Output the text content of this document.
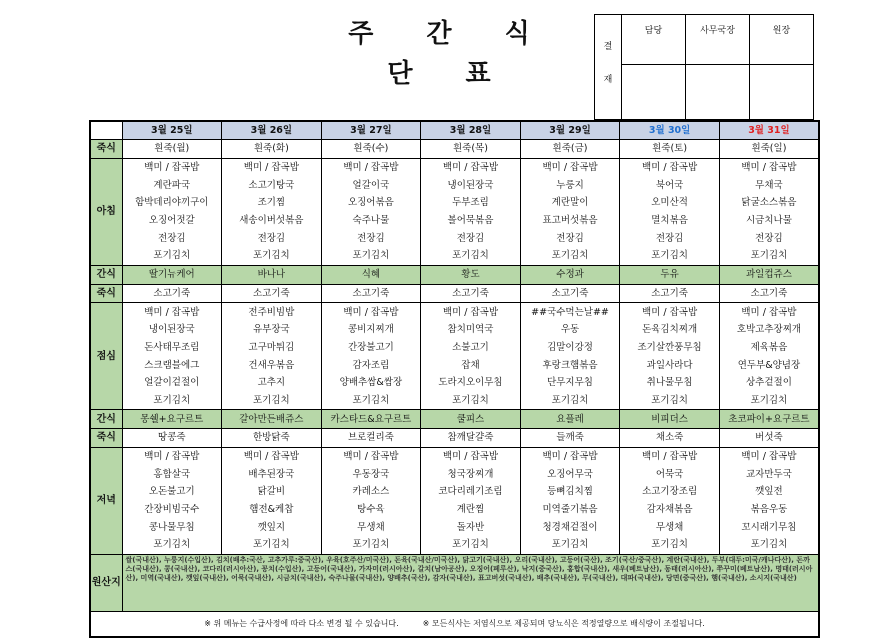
주 간 식 단 표
결
재	담당	사무국장	원장

	3월 25일	3월 26일	3월 27일	3월 28일	3월 29일	3월 30일	3월 31일
죽식	흰죽(월)	흰죽(화)	흰죽(수)	흰죽(목)	흰죽(금)	흰죽(토)	흰죽(일)
아침	백미 / 잡곡밥	백미 / 잡곡밥	백미 / 잡곡밥	백미 / 잡곡밥	백미 / 잡곡밥	백미 / 잡곡밥	백미 / 잡곡밥
	계란파국	소고기탕국	얼갈이국	냉이된장국	누룽지	북어국	무채국
	함박데리야끼구이	조기찜	오징어볶음	두부조림	계란말이	오미산적	닭굴소스볶음
	오징어젓갈	새송이버섯볶음	숙주나물	볼어묵볶음	표고버섯볶음	멸치볶음	시금치나물
	전장김	전장김	전장김	전장김	전장김	전장김	전장김
	포기김치	포기김치	포기김치	포기김치	포기김치	포기김치	포기김치
간식	딸기뉴케어	바나나	식혜	황도	수정과	두유	과일컵쥬스
죽식	소고기죽	소고기죽	소고기죽	소고기죽	소고기죽	소고기죽	소고기죽
점심	백미 / 잡곡밥	전주비빔밥	백미 / 잡곡밥	백미 / 잡곡밥	##국수먹는날##	백미 / 잡곡밥	백미 / 잡곡밥
	냉이된장국	유부장국	콩비지찌개	참치미역국	우동	돈육김치찌개	호박고추장찌개
	돈사태무조림	고구마튀김	간장불고기	소불고기	김말이강정	조기살깐풍무침	제육볶음
	스크램블에그	건새우볶음	감자조림	잡채	후랑크햄볶음	과일사라다	연두부&양념장
	얼갈이겉절이	고추지	양배추쌈&쌈장	도라지오이무침	단무지무침	취나물무침	상추겉절이
	포기김치	포기김치	포기김치	포기김치	포기김치	포기김치	포기김치
간식	몽쉘+요구르트	갈아만든배쥬스	카스타드&요구르트	쿨피스	요플레	비피더스	초코파이+요구르트
죽식	땅콩죽	한방닭죽	브로컬리죽	참깨달걀죽	들깨죽	채소죽	버섯죽
저녁	백미 / 잡곡밥	백미 / 잡곡밥	백미 / 잡곡밥	백미 / 잡곡밥	백미 / 잡곡밥	백미 / 잡곡밥	백미 / 잡곡밥
	홍합살국	배추된장국	우동장국	청국장찌개	오징어무국	어묵국	교자만두국
	오돈불고기	닭갈비	카레소스	코다리레기조림	등뼈김치찜	소고기장조림	깻잎전
	간장비빔국수	햄전&케찹	탕수육	계란찜	미역줄기볶음	감자채볶음	볶음우동
	콩나물무침	깻잎지	무생채	돌자반	청경채겉절이	무생채	꼬시래기무침
	포기김치	포기김치	포기김치	포기김치	포기김치	포기김치	포기김치
원산지	쌀(국내산), 누룽지(수입산), 김치(배추:국산, 고추가루:중국산), 우육(호주산/미국산), 돈육(국내산/미국산), 닭고기(국내산), 오리(국내산), 고등어(국산), 조기(국산/중국산), 계란(국내산), 두부(대두:미국/캐나다산), 돈까스(국내산), 콩(국내산), 코다리(러시아산), 꽁치(수입산), 고등어(국내산), 가자미(러시아산), 갈치(남아공산), 오징어(페루산), 낙지(중국산), 홍합(국내산), 새우(베트남산), 동태(러시아산), 쭈꾸미(베트남산), 명태(러시아산), 미역(국내산), 깻잎(국내산), 어묵(국내산), 시금치(국내산), 숙주나물(국내산), 양배추(국산), 감자(국내산), 표고버섯(국내산), 배추(국내산), 무(국내산), 대파(국내산), 당면(중국산), 햄(국내산), 소시지(국내산)						
※ 위 메뉴는 수급사정에 따라 다소 변경 될 수 있습니다. ※ 모든식사는 저염식으로 제공되며 당뇨식은 적정열량으로 배식량이 조절됩니다.							
